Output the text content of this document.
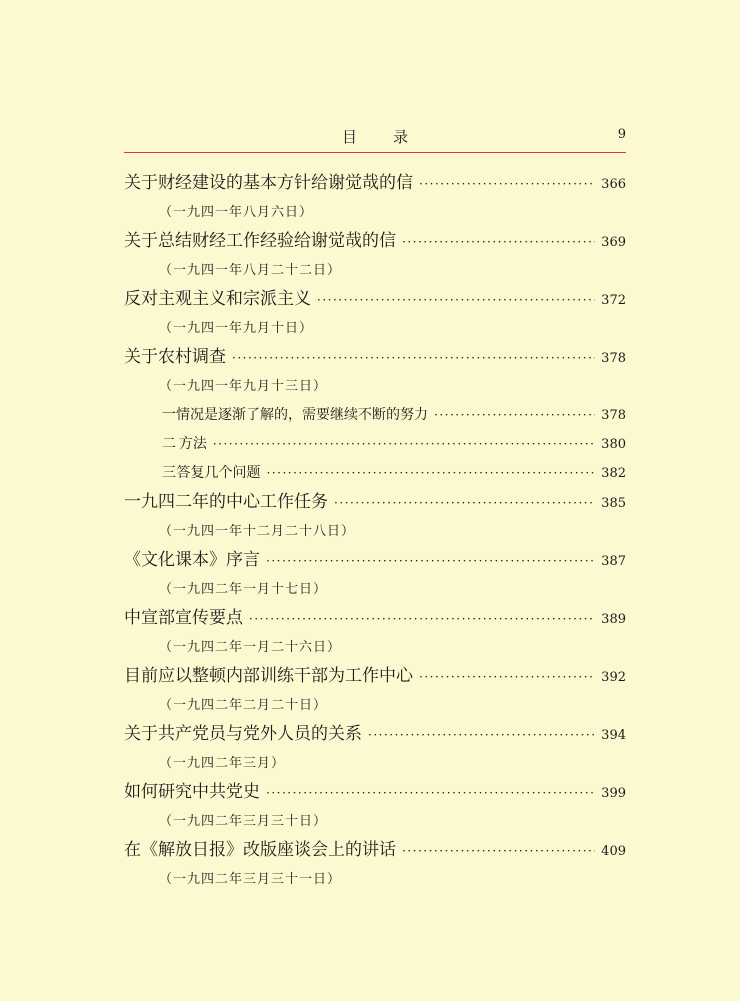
目录	9
关于财经建设的基本方针给谢觉哉的信 ·····	366
（一九四一年八月六日）
关于总结财经工作经验给谢觉哉的信 ·····	369
（一九四一年八月二十二日）
反对主观主义和宗派主义 ·····	372
（一九四一年九月十日）
关于农村调查 ·····	378
（一九四一年九月十三日）
一 情况是逐渐了解的，需要继续不断的努力 ·····	378
二 方法 ·····	380
三 答复几个问题 ·····	382
一九四二年的中心工作任务 ·····	385
（一九四一年十二月二十八日）
《文化课本》序言 ·····	387
（一九四二年一月十七日）
中宣部宣传要点 ·····	389
（一九四二年一月二十六日）
目前应以整顿内部训练干部为工作中心 ·····	392
（一九四二年二月二十日）
关于共产党员与党外人员的关系 ·····	394
（一九四二年三月）
如何研究中共党史 ·····	399
（一九四二年三月三十日）
在《解放日报》改版座谈会上的讲话 ·····	409
（一九四二年三月三十一日）
